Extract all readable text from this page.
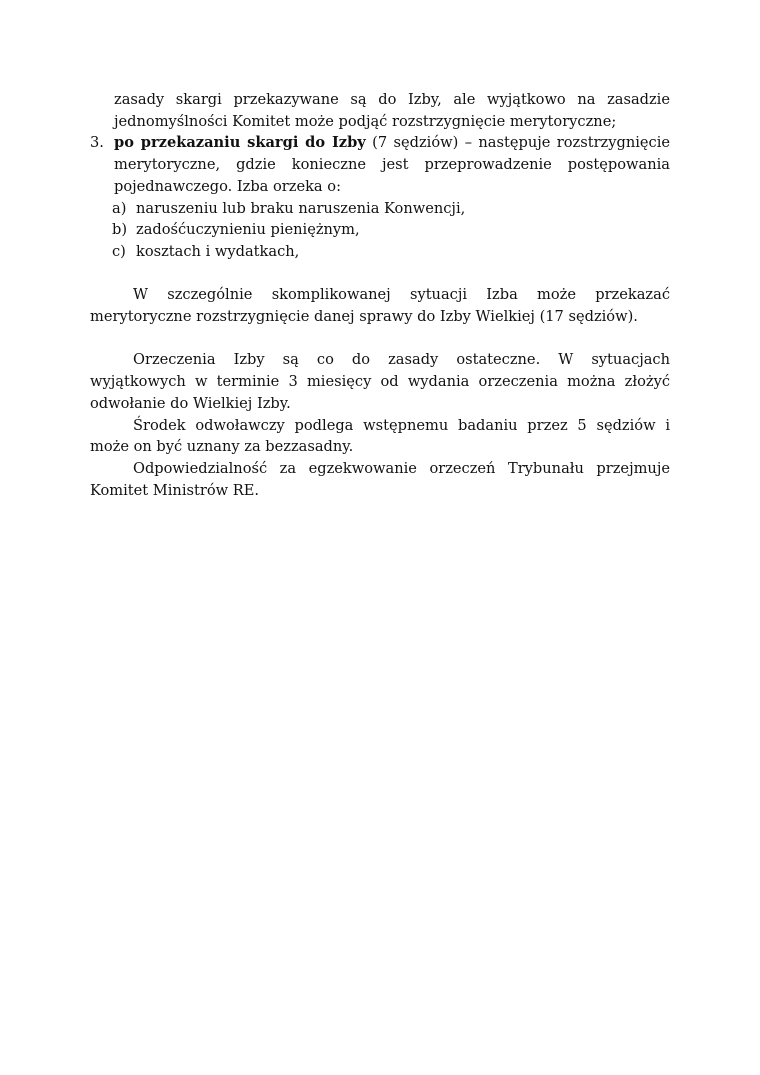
zasady skargi przekazywane są do Izby, ale wyjątkowo na zasadzie
jednomyślności Komitet może podjąć rozstrzygnięcie merytoryczne;
3. po przekazaniu skargi do Izby (7 sędziów) – następuje rozstrzygnięcie
merytoryczne, gdzie konieczne jest przeprowadzenie postępowania
pojednawczego. Izba orzeka o:
a) naruszeniu lub braku naruszenia Konwencji,
b) zadośćuczynieniu pieniężnym,
c) kosztach i wydatkach,
W szczególnie skomplikowanej sytuacji Izba może przekazać
merytoryczne rozstrzygnięcie danej sprawy do Izby Wielkiej (17 sędziów).
Orzeczenia Izby są co do zasady ostateczne. W sytuacjach
wyjątkowych w terminie 3 miesięcy od wydania orzeczenia można złożyć
odwołanie do Wielkiej Izby.
Środek odwoławczy podlega wstępnemu badaniu przez 5 sędziów i
może on być uznany za bezzasadny.
Odpowiedzialność za egzekwowanie orzeczeń Trybunału przejmuje
Komitet Ministrów RE.
